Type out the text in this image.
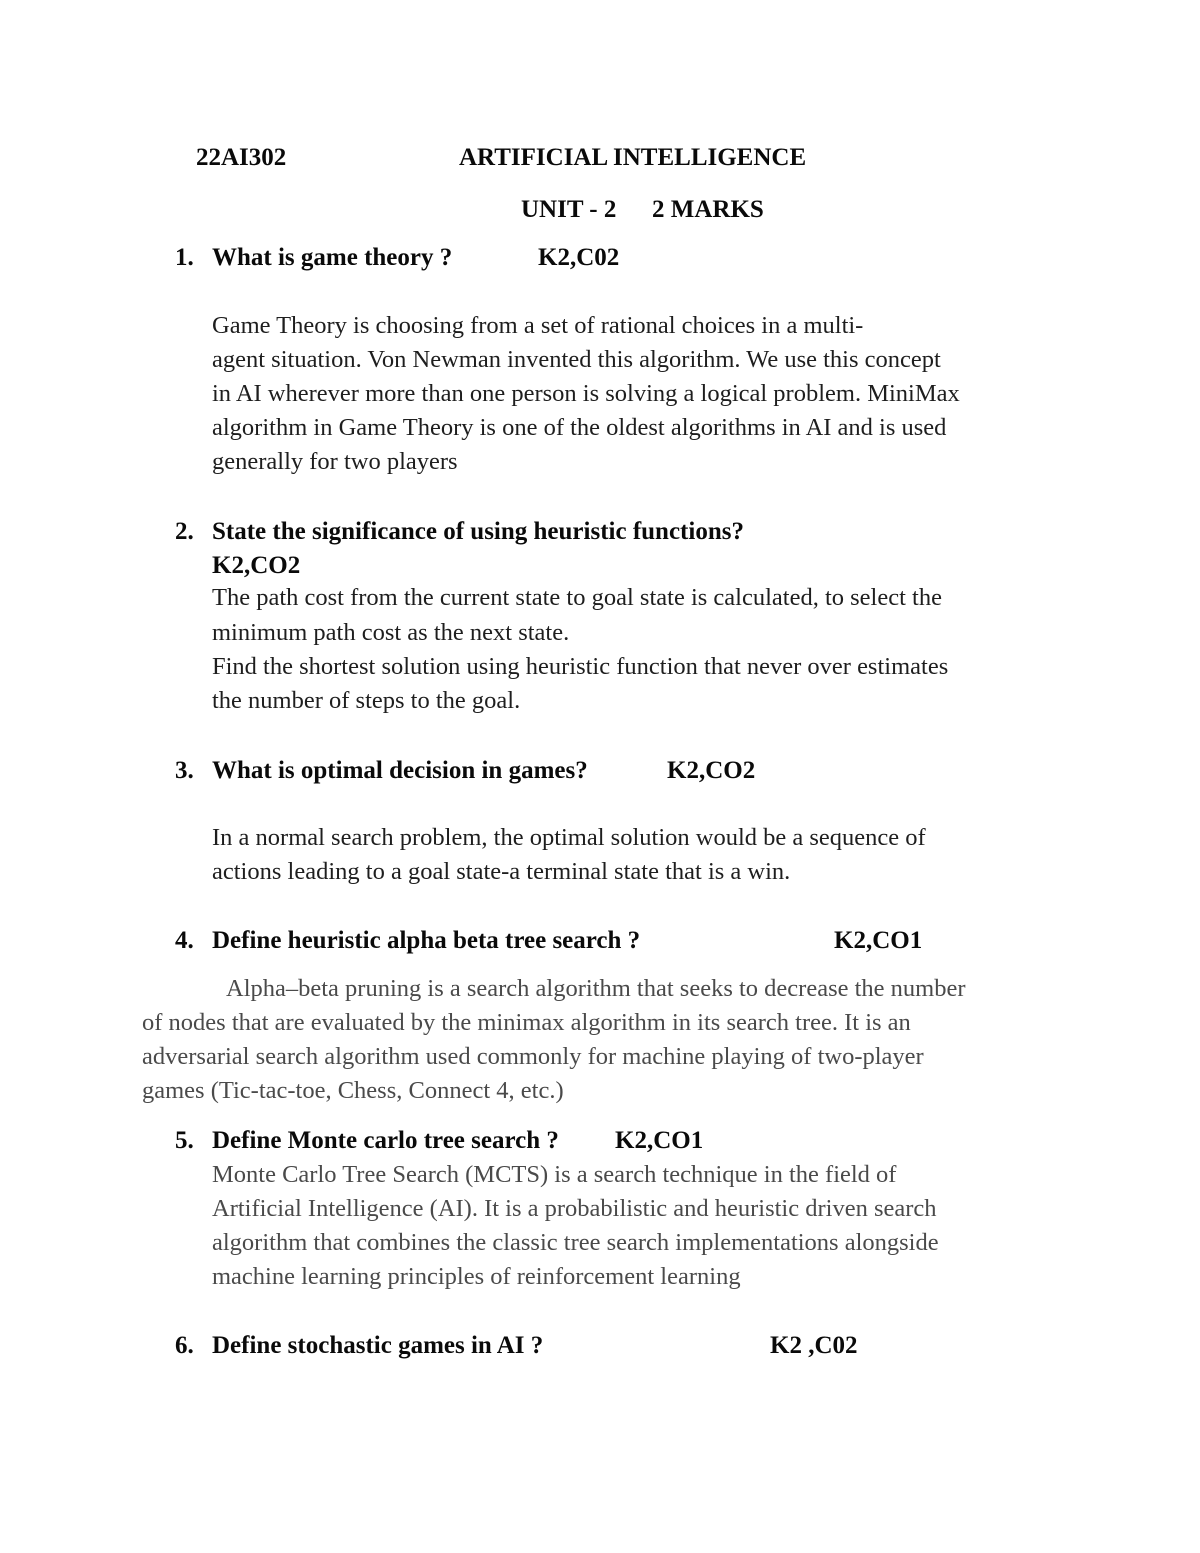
22AI302	ARTIFICIAL INTELLIGENCE
UNIT - 2 2 MARKS
1. What is game theory ?	K2,C02
Game Theory is choosing from a set of rational choices in a multi-
agent situation. Von Newman invented this algorithm. We use this concept
in AI wherever more than one person is solving a logical problem. MiniMax
algorithm in Game Theory is one of the oldest algorithms in AI and is used
generally for two players
2. State the significance of using heuristic functions?
K2,CO2
The path cost from the current state to goal state is calculated, to select the
minimum path cost as the next state.
Find the shortest solution using heuristic function that never over estimates
the number of steps to the goal.
3. What is optimal decision in games?	K2,CO2
In a normal search problem, the optimal solution would be a sequence of
actions leading to a goal state-a terminal state that is a win.
4. Define heuristic alpha beta tree search ?	K2,CO1
Alpha–beta pruning is a search algorithm that seeks to decrease the number
of nodes that are evaluated by the minimax algorithm in its search tree. It is an
adversarial search algorithm used commonly for machine playing of two-player
games (Tic-tac-toe, Chess, Connect 4, etc.)
5. Define Monte carlo tree search ? K2,CO1
Monte Carlo Tree Search (MCTS) is a search technique in the field of
Artificial Intelligence (AI). It is a probabilistic and heuristic driven search
algorithm that combines the classic tree search implementations alongside
machine learning principles of reinforcement learning
6. Define stochastic games in AI ?	K2 ,C02
